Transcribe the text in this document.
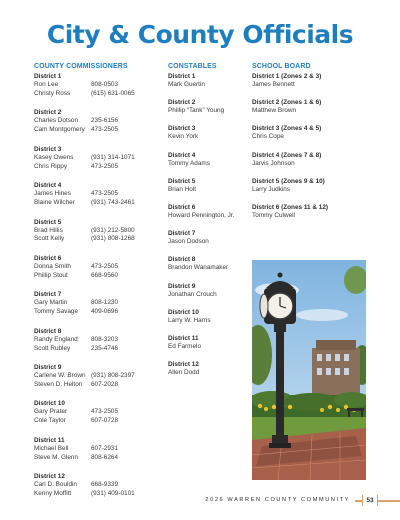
City & County Officials
COUNTY COMMISSIONERS
District 1
Ron Lee	808-0503
Christy Ross	(615) 631-0065
District 2
Charles Dotson	235-6156
Cam Montgomery 473-2505
District 3
Kasey Owens	(931) 314-1071
Chris Rippy	473-2505
District 4
James Hines	473-2505
Blaine Wilcher	(931) 743-2461
District 5
Brad Hillis	(931) 212-5800
Scott Kelly	(931) 808-1268
District 6
Donna Smith	473-2505
Phillip Stout	668-9560
District 7
Gary Martin	808-1230
Tommy Savage	409-0696
District 8
Randy England	808-3203
Scott Rubley	235-4746
District 9
Carlene W. Brown (931) 808-2397
Steven D. Helton	607-2028
District 10
Gary Prater	473-2505
Cole Taylor	607-0728
District 11
Michael Bell	607-2931
Steve M. Glenn	808-6264
District 12
Carl D. Bouldin	668-9339
Kenny Moffitt	(931) 409-0101
CONSTABLES
District 1
Mark Guertin
District 2
Phillip “Tank” Young
District 3
Kevin York
District 4
Tommy Adams
District 5
Brian Holt
District 6
Howard Pennington, Jr.
District 7
Jason Dodson
District 8
Brandon Wanamaker
District 9
Jonathan Crouch
District 10
Larry W. Harris
District 11
Ed Farmelo
District 12
Allen Dodd
SCHOOL BOARD
District 1 (Zones 2 & 3)
James Bennett
District 2 (Zones 1 & 6)
Matthew Brown
District 3 (Zones 4 & 5)
Chris Cope
District 4 (Zones 7 & 8)
Jarvis Johnson
District 5 (Zones 9 & 10)
Larry Judkins
District 6 (Zones 11 & 12)
Tommy Culwell
2026 WARREN COUNTY COMMUNITY	53
